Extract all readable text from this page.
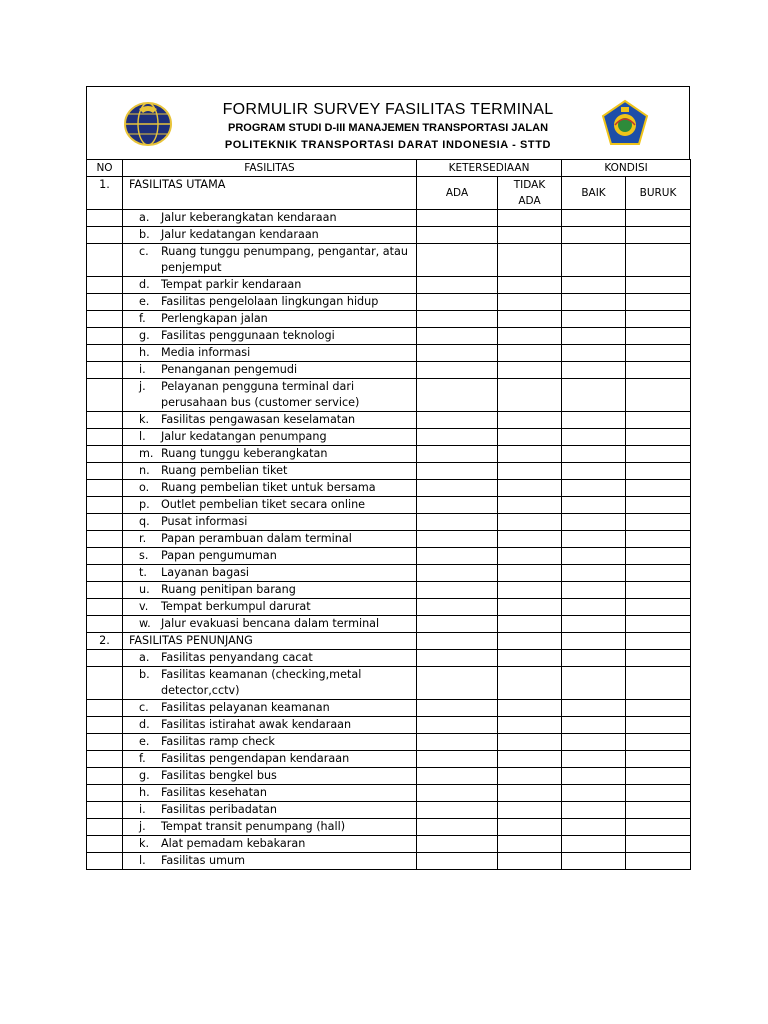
FORMULIR SURVEY FASILITAS TERMINAL
PROGRAM STUDI D-III MANAJEMEN TRANSPORTASI JALAN
POLITEKNIK TRANSPORTASI DARAT INDONESIA - STTD
NO	FASILITAS	KETERSEDIAAN		KONDISI	
1.	FASILITAS UTAMA	ADA	TIDAK ADA	BAIK	BURUK

	a. Jalur keberangkatan kendaraan				

	b. Jalur kedatangan kendaraan				

	c. Ruang tunggu penumpang, pengantar, atau penjemput				

	d. Tempat parkir kendaraan				

	e. Fasilitas pengelolaan lingkungan hidup				

	f. Perlengkapan jalan				

	g. Fasilitas penggunaan teknologi				

	h. Media informasi				

	i. Penanganan pengemudi				

	j. Pelayanan pengguna terminal dari perusahaan bus (customer service)				

	k. Fasilitas pengawasan keselamatan				

	l. Jalur kedatangan penumpang				

	m. Ruang tunggu keberangkatan				

	n. Ruang pembelian tiket				

	o. Ruang pembelian tiket untuk bersama				

	p. Outlet pembelian tiket secara online				

	q. Pusat informasi				

	r. Papan perambuan dalam terminal				

	s. Papan pengumuman				

	t. Layanan bagasi				

	u. Ruang penitipan barang				

	v. Tempat berkumpul darurat				

	w. Jalur evakuasi bencana dalam terminal				

2.	FASILITAS PENUNJANG				

	a. Fasilitas penyandang cacat				

	b. Fasilitas keamanan (checking,metal detector,cctv)				

	c. Fasilitas pelayanan keamanan				

	d. Fasilitas istirahat awak kendaraan				

	e. Fasilitas ramp check				

	f. Fasilitas pengendapan kendaraan				

	g. Fasilitas bengkel bus				

	h. Fasilitas kesehatan				

	i. Fasilitas peribadatan				

	j. Tempat transit penumpang (hall)				

	k. Alat pemadam kebakaran				

	l. Fasilitas umum				
